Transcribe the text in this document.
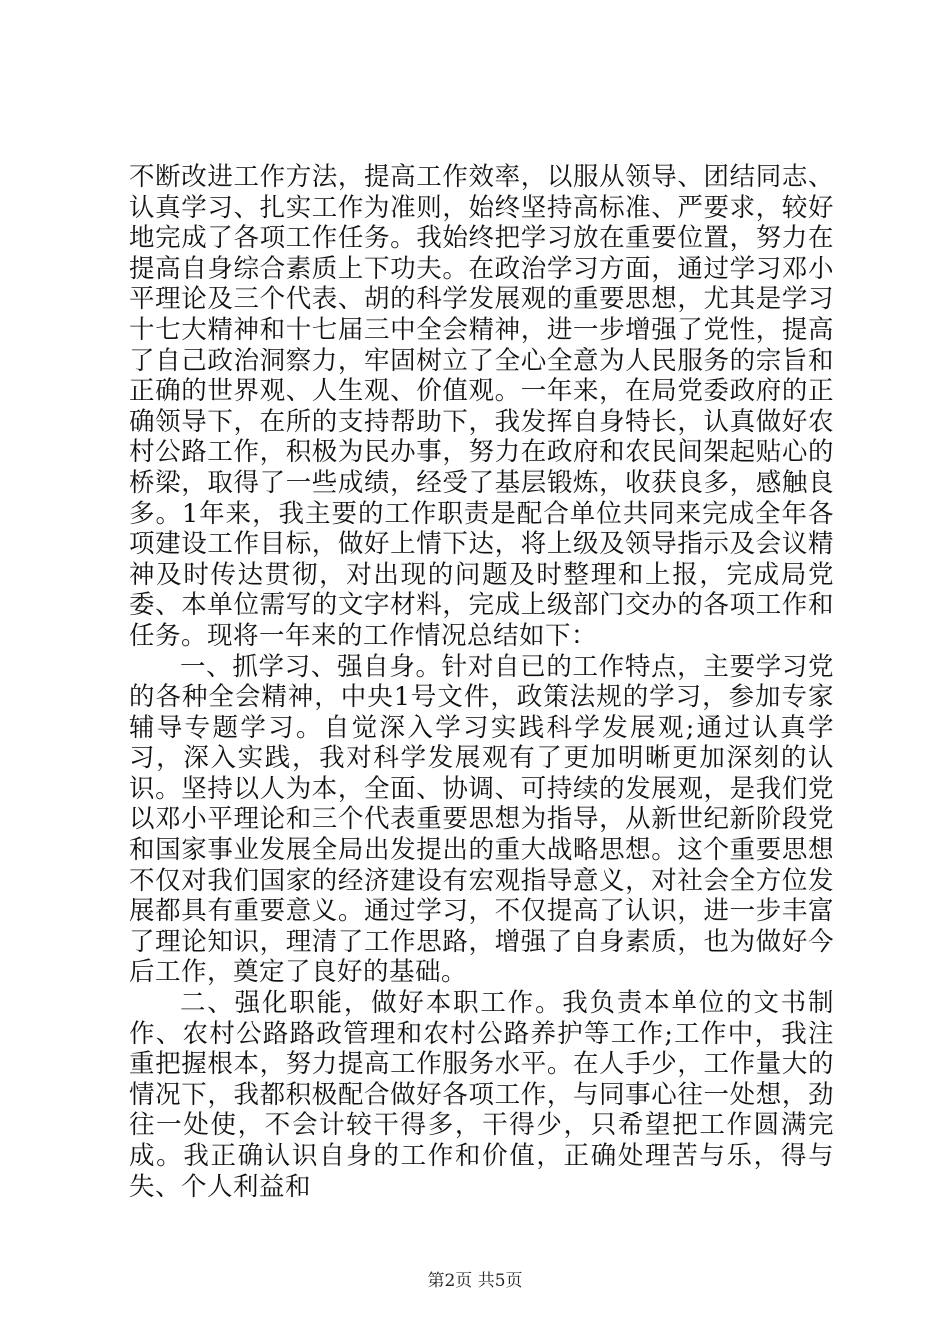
不断改进工作方法，提高工作效率，以服从领导、团结同志、认真学习、扎实工作为准则，始终坚持高标准、严要求，较好地完成了各项工作任务。我始终把学习放在重要位置，努力在提高自身综合素质上下功夫。在政治学习方面，通过学习邓小平理论及三个代表、胡的科学发展观的重要思想，尤其是学习十七大精神和十七届三中全会精神，进一步增强了党性，提高了自己政治洞察力，牢固树立了全心全意为人民服务的宗旨和正确的世界观、人生观、价值观。一年来，在局党委政府的正确领导下，在所的支持帮助下，我发挥自身特长，认真做好农村公路工作，积极为民办事，努力在政府和农民间架起贴心的桥梁，取得了一些成绩，经受了基层锻炼，收获良多，感触良多。1年来，我主要的工作职责是配合单位共同来完成全年各项建设工作目标，做好上情下达，将上级及领导指示及会议精神及时传达贯彻，对出现的问题及时整理和上报，完成局党委、本单位需写的文字材料，完成上级部门交办的各项工作和任务。现将一年来的工作情况总结如下：

一、抓学习、强自身。针对自已的工作特点，主要学习党的各种全会精神，中央1号文件，政策法规的学习，参加专家辅导专题学习。自觉深入学习实践科学发展观;通过认真学习，深入实践，我对科学发展观有了更加明晰更加深刻的认识。坚持以人为本，全面、协调、可持续的发展观，是我们党以邓小平理论和三个代表重要思想为指导，从新世纪新阶段党和国家事业发展全局出发提出的重大战略思想。这个重要思想不仅对我们国家的经济建设有宏观指导意义，对社会全方位发展都具有重要意义。通过学习，不仅提高了认识，进一步丰富了理论知识，理清了工作思路，增强了自身素质，也为做好今后工作，奠定了良好的基础。

二、强化职能，做好本职工作。我负责本单位的文书制作、农村公路路政管理和农村公路养护等工作;工作中，我注重把握根本，努力提高工作服务水平。在人手少，工作量大的情况下，我都积极配合做好各项工作，与同事心往一处想，劲往一处使，不会计较干得多，干得少，只希望把工作圆满完成。我正确认识自身的工作和价值，正确处理苦与乐，得与失、个人利益和

第2页 共5页
